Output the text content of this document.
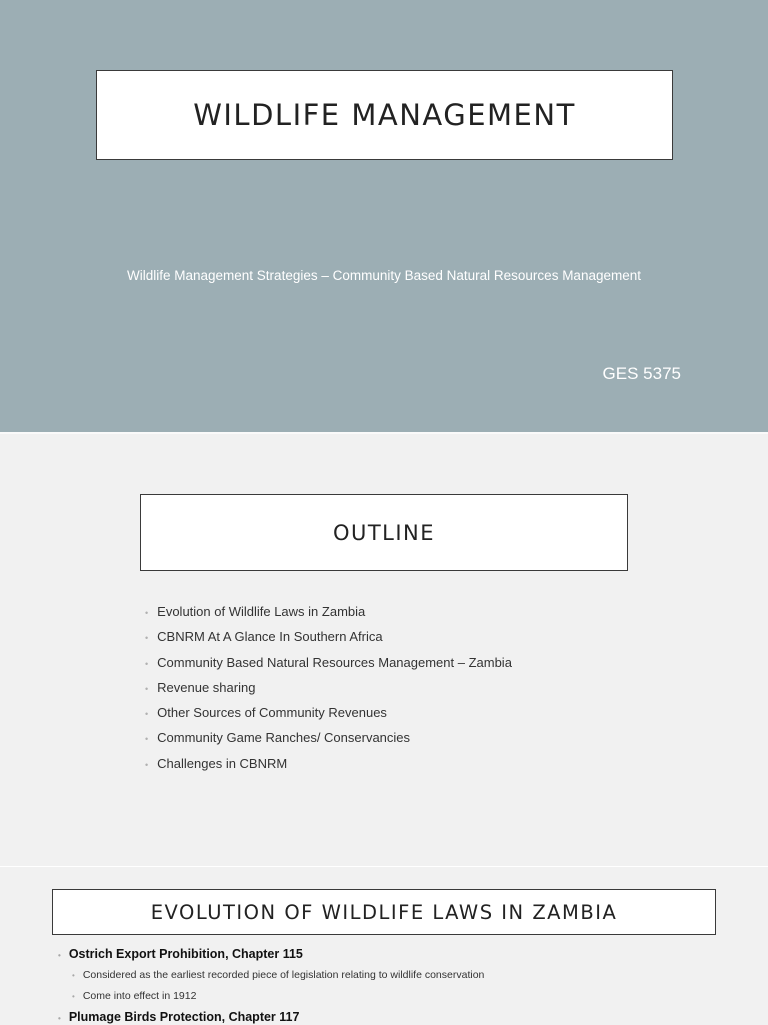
WILDLIFE MANAGEMENT
Wildlife Management Strategies – Community Based Natural Resources Management
GES 5375
OUTLINE
• Evolution of Wildlife Laws in Zambia
• CBNRM At A Glance In Southern Africa
• Community Based Natural Resources Management – Zambia
• Revenue sharing
• Other Sources of Community Revenues
• Community Game Ranches/ Conservancies
• Challenges in CBNRM
EVOLUTION OF WILDLIFE LAWS IN ZAMBIA
• Ostrich Export Prohibition, Chapter 115
• Considered as the earliest recorded piece of legislation relating to wildlife conservation
• Come into effect in 1912
• Plumage Birds Protection, Chapter 117
